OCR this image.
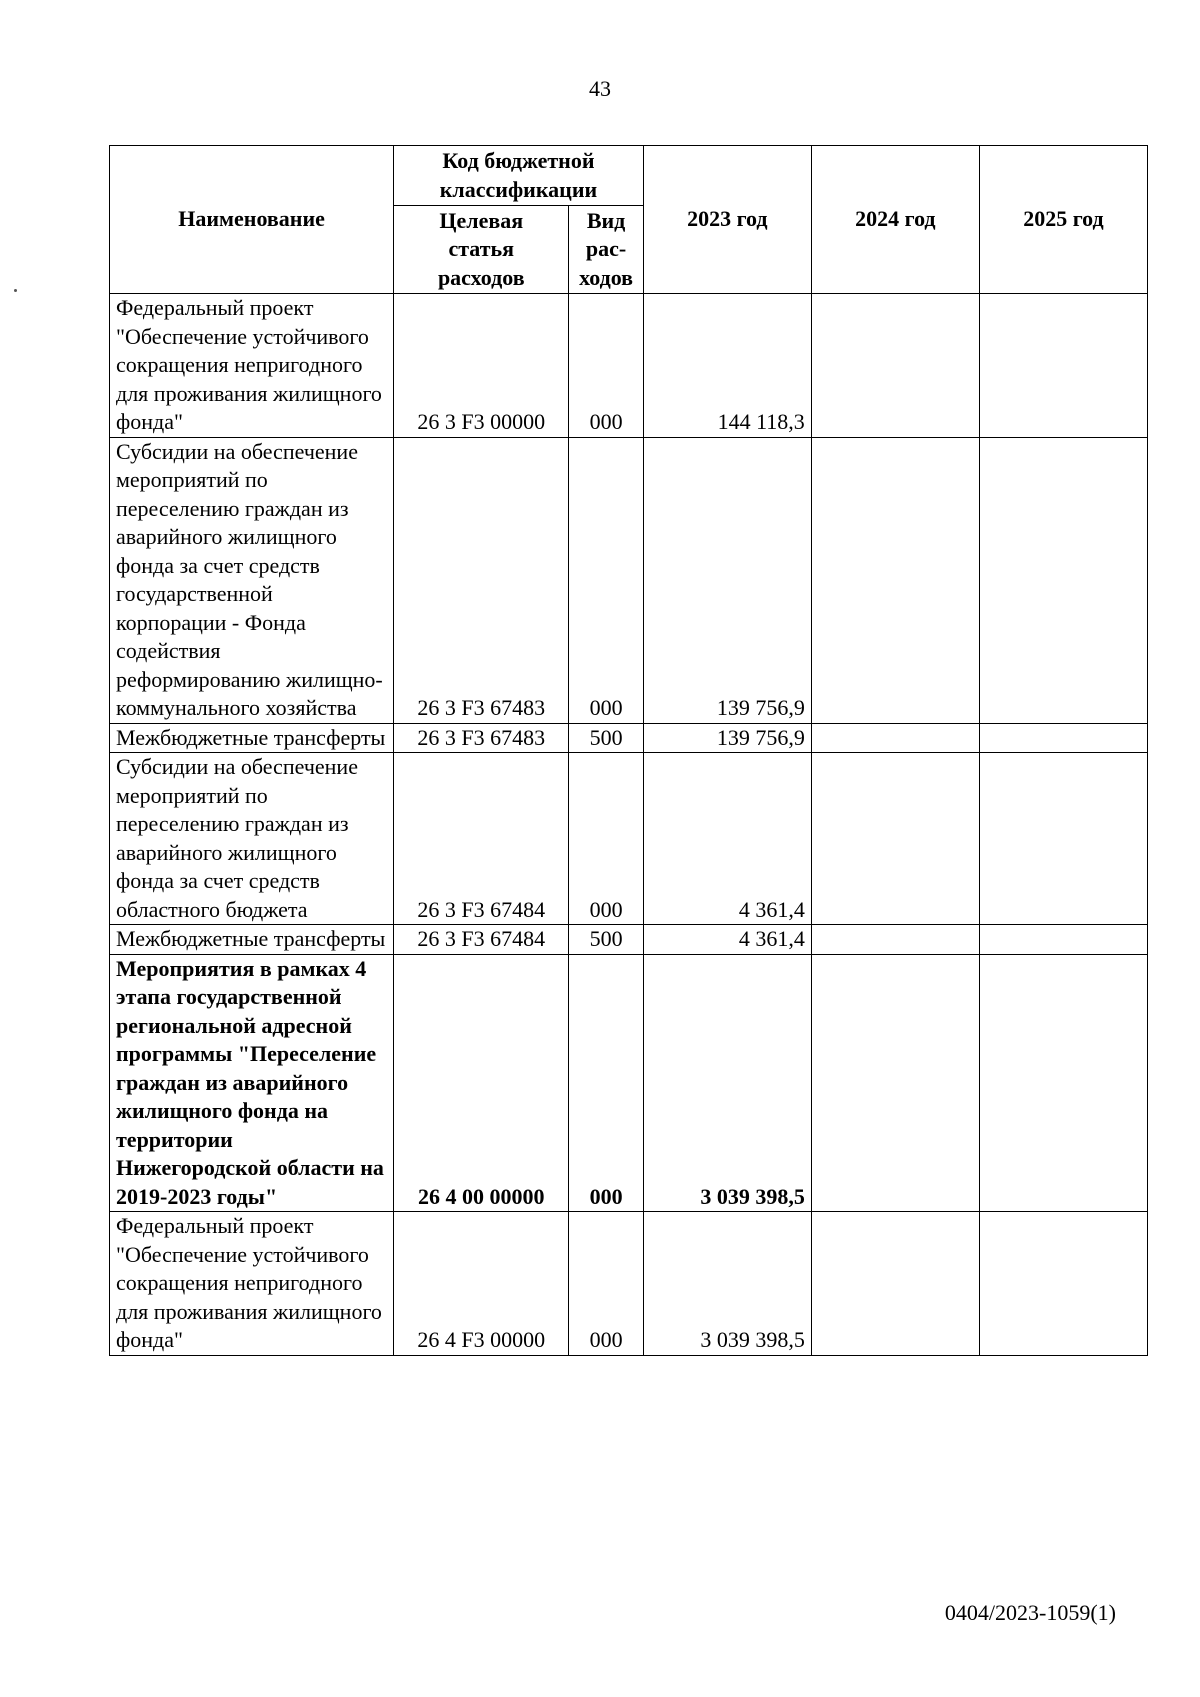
43
Наименование	Код бюджетной классификации		2023 год	2024 год	2025 год
	Целевая статья расходов	Вид рас-ходов			
Федеральный проект "Обеспечение устойчивого сокращения непригодного для проживания жилищного фонда"	26 3 F3 00000	000	144 118,3		
Субсидии на обеспечение мероприятий по переселению граждан из аварийного жилищного фонда за счет средств государственной корпорации - Фонда содействия реформированию жилищно-коммунального хозяйства	26 3 F3 67483	000	139 756,9		
Межбюджетные трансферты	26 3 F3 67483	500	139 756,9		
Субсидии на обеспечение мероприятий по переселению граждан из аварийного жилищного фонда за счет средств областного бюджета	26 3 F3 67484	000	4 361,4		
Межбюджетные трансферты	26 3 F3 67484	500	4 361,4		
Мероприятия в рамках 4 этапа государственной региональной адресной программы "Переселение граждан из аварийного жилищного фонда на территории Нижегородской области на 2019-2023 годы"	26 4 00 00000	000	3 039 398,5		
Федеральный проект "Обеспечение устойчивого сокращения непригодного для проживания жилищного фонда"	26 4 F3 00000	000	3 039 398,5		
0404/2023-1059(1)
